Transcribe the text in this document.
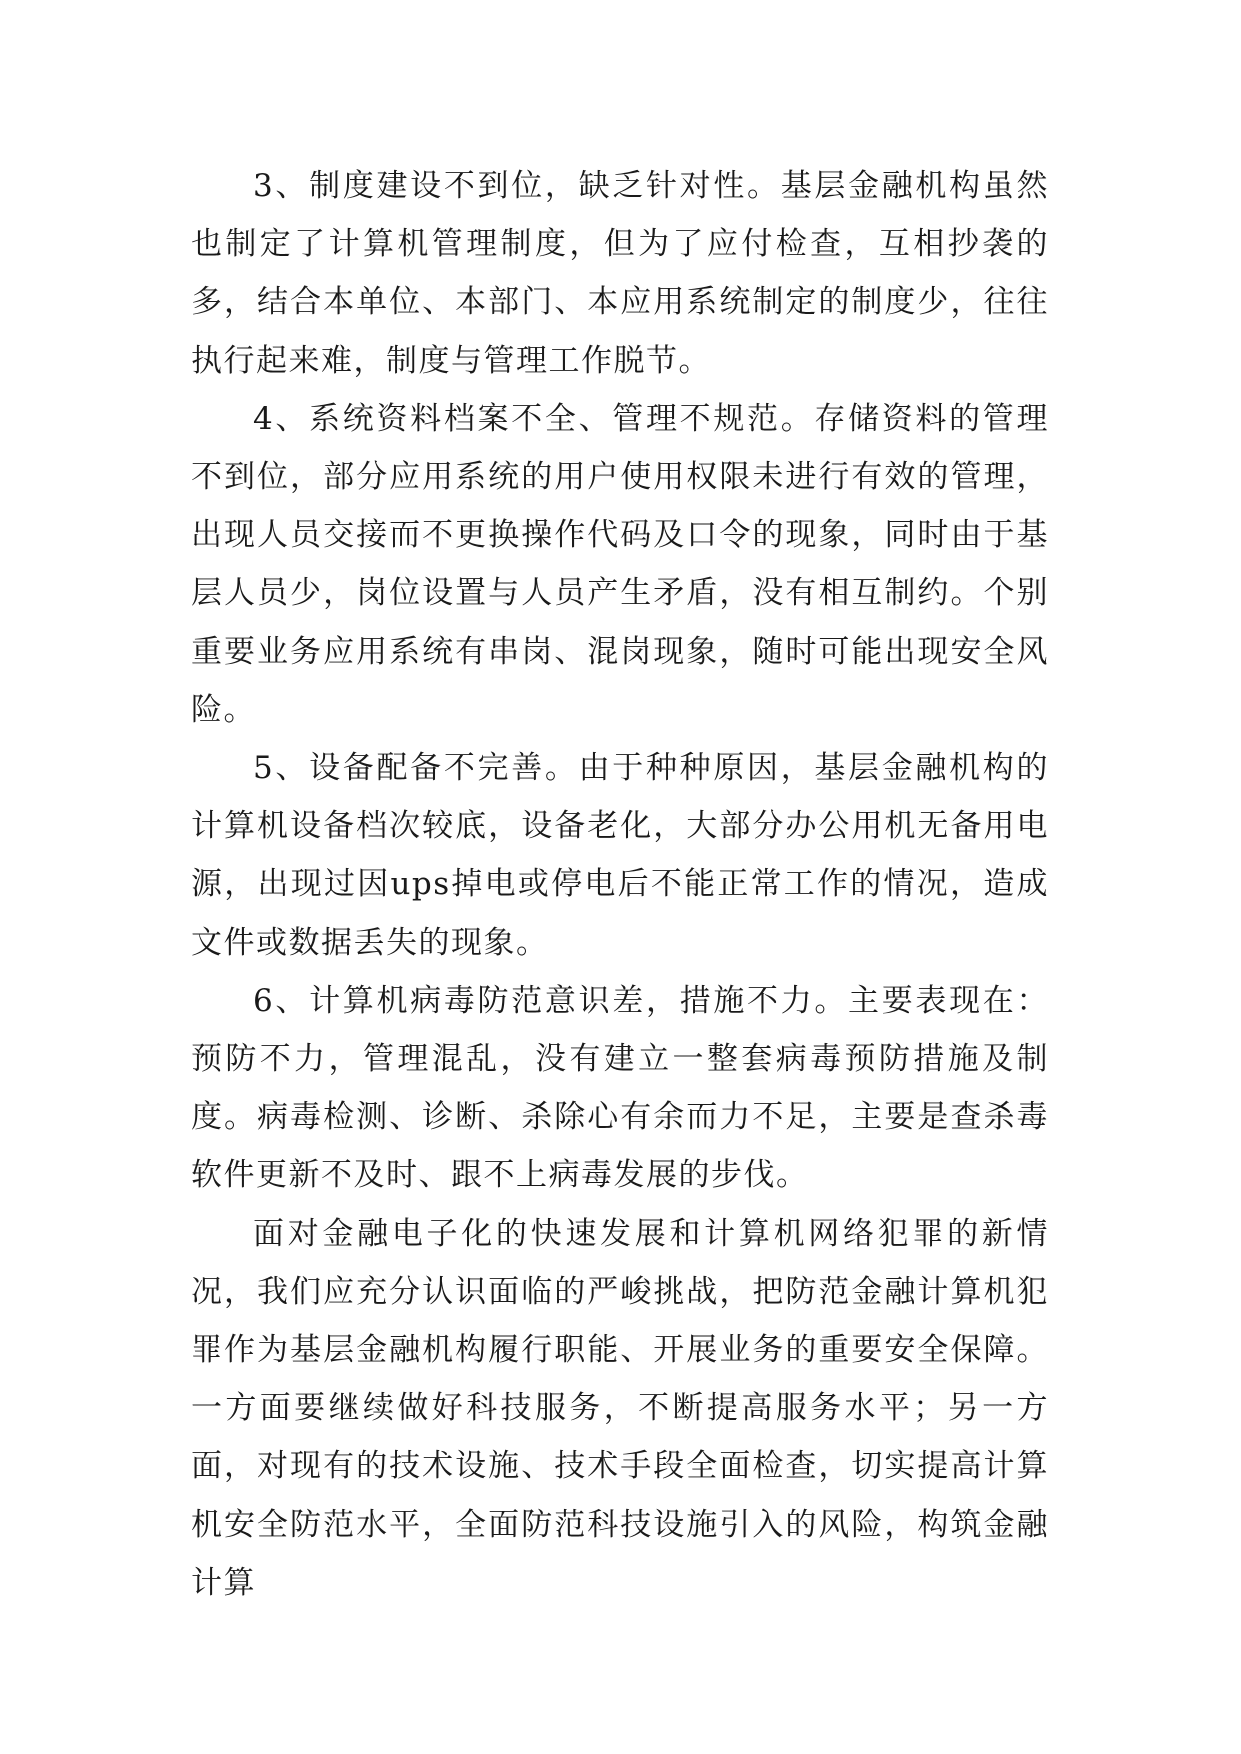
3、制度建设不到位，缺乏针对性。基层金融机构虽然也制定了计算机管理制度，但为了应付检查，互相抄袭的多，结合本单位、本部门、本应用系统制定的制度少，往往执行起来难，制度与管理工作脱节。

4、系统资料档案不全、管理不规范。存储资料的管理不到位，部分应用系统的用户使用权限未进行有效的管理，出现人员交接而不更换操作代码及口令的现象，同时由于基层人员少，岗位设置与人员产生矛盾，没有相互制约。个别重要业务应用系统有串岗、混岗现象，随时可能出现安全风险。

5、设备配备不完善。由于种种原因，基层金融机构的计算机设备档次较底，设备老化，大部分办公用机无备用电源，出现过因ups掉电或停电后不能正常工作的情况，造成文件或数据丢失的现象。

6、计算机病毒防范意识差，措施不力。主要表现在：预防不力，管理混乱，没有建立一整套病毒预防措施及制度。病毒检测、诊断、杀除心有余而力不足，主要是查杀毒软件更新不及时、跟不上病毒发展的步伐。

面对金融电子化的快速发展和计算机网络犯罪的新情况，我们应充分认识面临的严峻挑战，把防范金融计算机犯罪作为基层金融机构履行职能、开展业务的重要安全保障。一方面要继续做好科技服务，不断提高服务水平；另一方面，对现有的技术设施、技术手段全面检查，切实提高计算机安全防范水平，全面防范科技设施引入的风险，构筑金融计算
